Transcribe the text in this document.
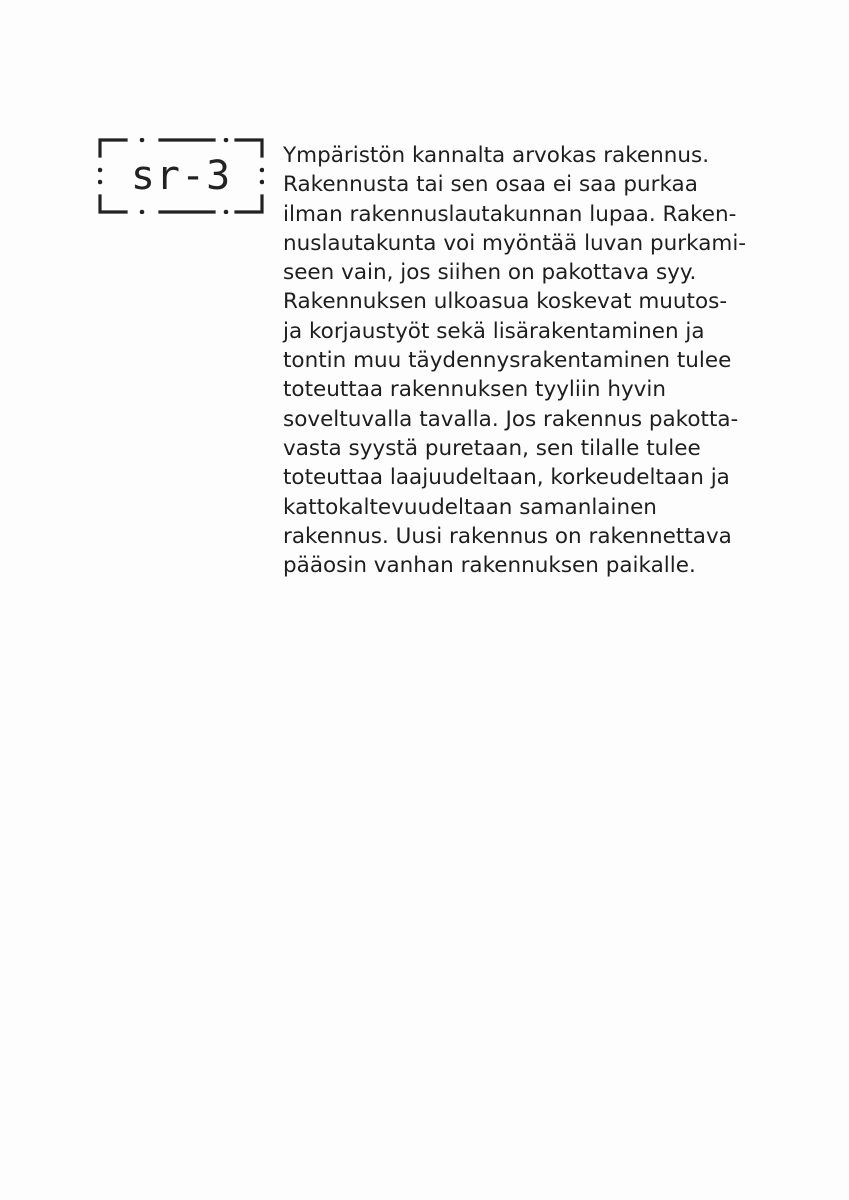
sr-3 Ympäristön kannalta arvokas rakennus.
Rakennusta tai sen osaa ei saa purkaa
ilman rakennuslautakunnan lupaa. Raken-
nuslautakunta voi myöntää luvan purkami-
seen vain, jos siihen on pakottava syy.
Rakennuksen ulkoasua koskevat muutos-
ja korjaustyöt sekä lisärakentaminen ja
tontin muu täydennysrakentaminen tulee
toteuttaa rakennuksen tyyliin hyvin
soveltuvalla tavalla. Jos rakennus pakotta-
vasta syystä puretaan, sen tilalle tulee
toteuttaa laajuudeltaan, korkeudeltaan ja
kattokaltevuudeltaan samanlainen
rakennus. Uusi rakennus on rakennettava
pääosin vanhan rakennuksen paikalle.
